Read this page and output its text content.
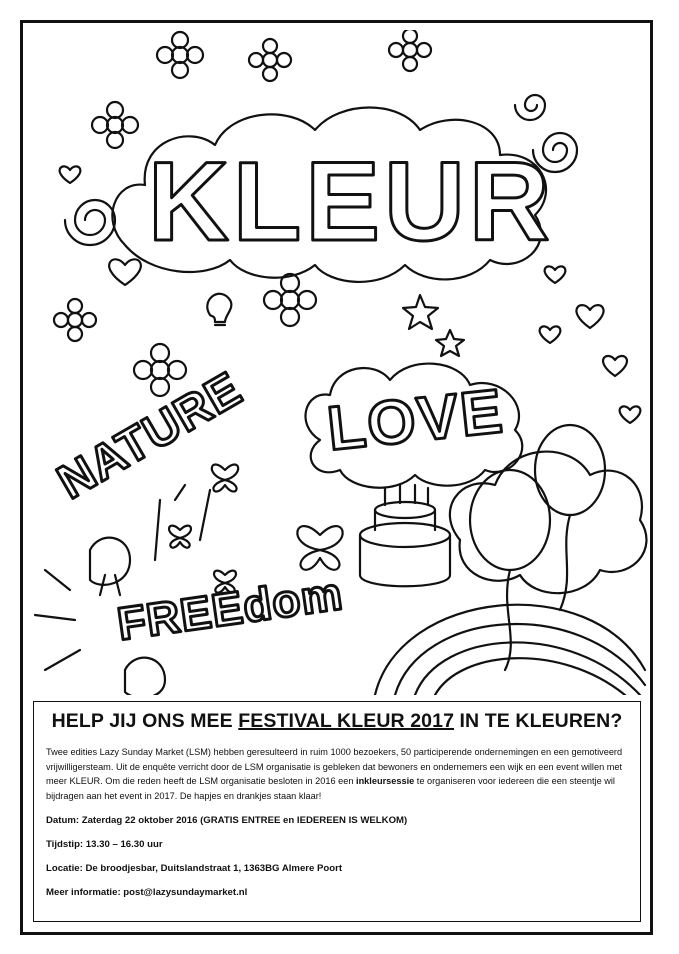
KLEUR
LOVE
NATURE
FREEdom
HELP JIJ ONS MEE FESTIVAL KLEUR 2017 IN TE KLEUREN?

Twee edities Lazy Sunday Market (LSM) hebben geresulteerd in ruim 1000 bezoekers, 50 participerende ondernemingen en een gemotiveerd vrijwilligersteam. Uit de enquête verricht door de LSM organisatie is gebleken dat bewoners en ondernemers een wijk en een event willen met meer KLEUR. Om die reden heeft de LSM organisatie besloten in 2016 een inkleursessie te organiseren voor iedereen die een steentje wil bijdragen aan het event in 2017. De hapjes en drankjes staan klaar!

Datum: Zaterdag 22 oktober 2016 (GRATIS ENTREE en IEDEREEN IS WELKOM)

Tijdstip: 13.30 – 16.30 uur

Locatie: De broodjesbar, Duitslandstraat 1, 1363BG Almere Poort

Meer informatie: post@lazysundaymarket.nl
